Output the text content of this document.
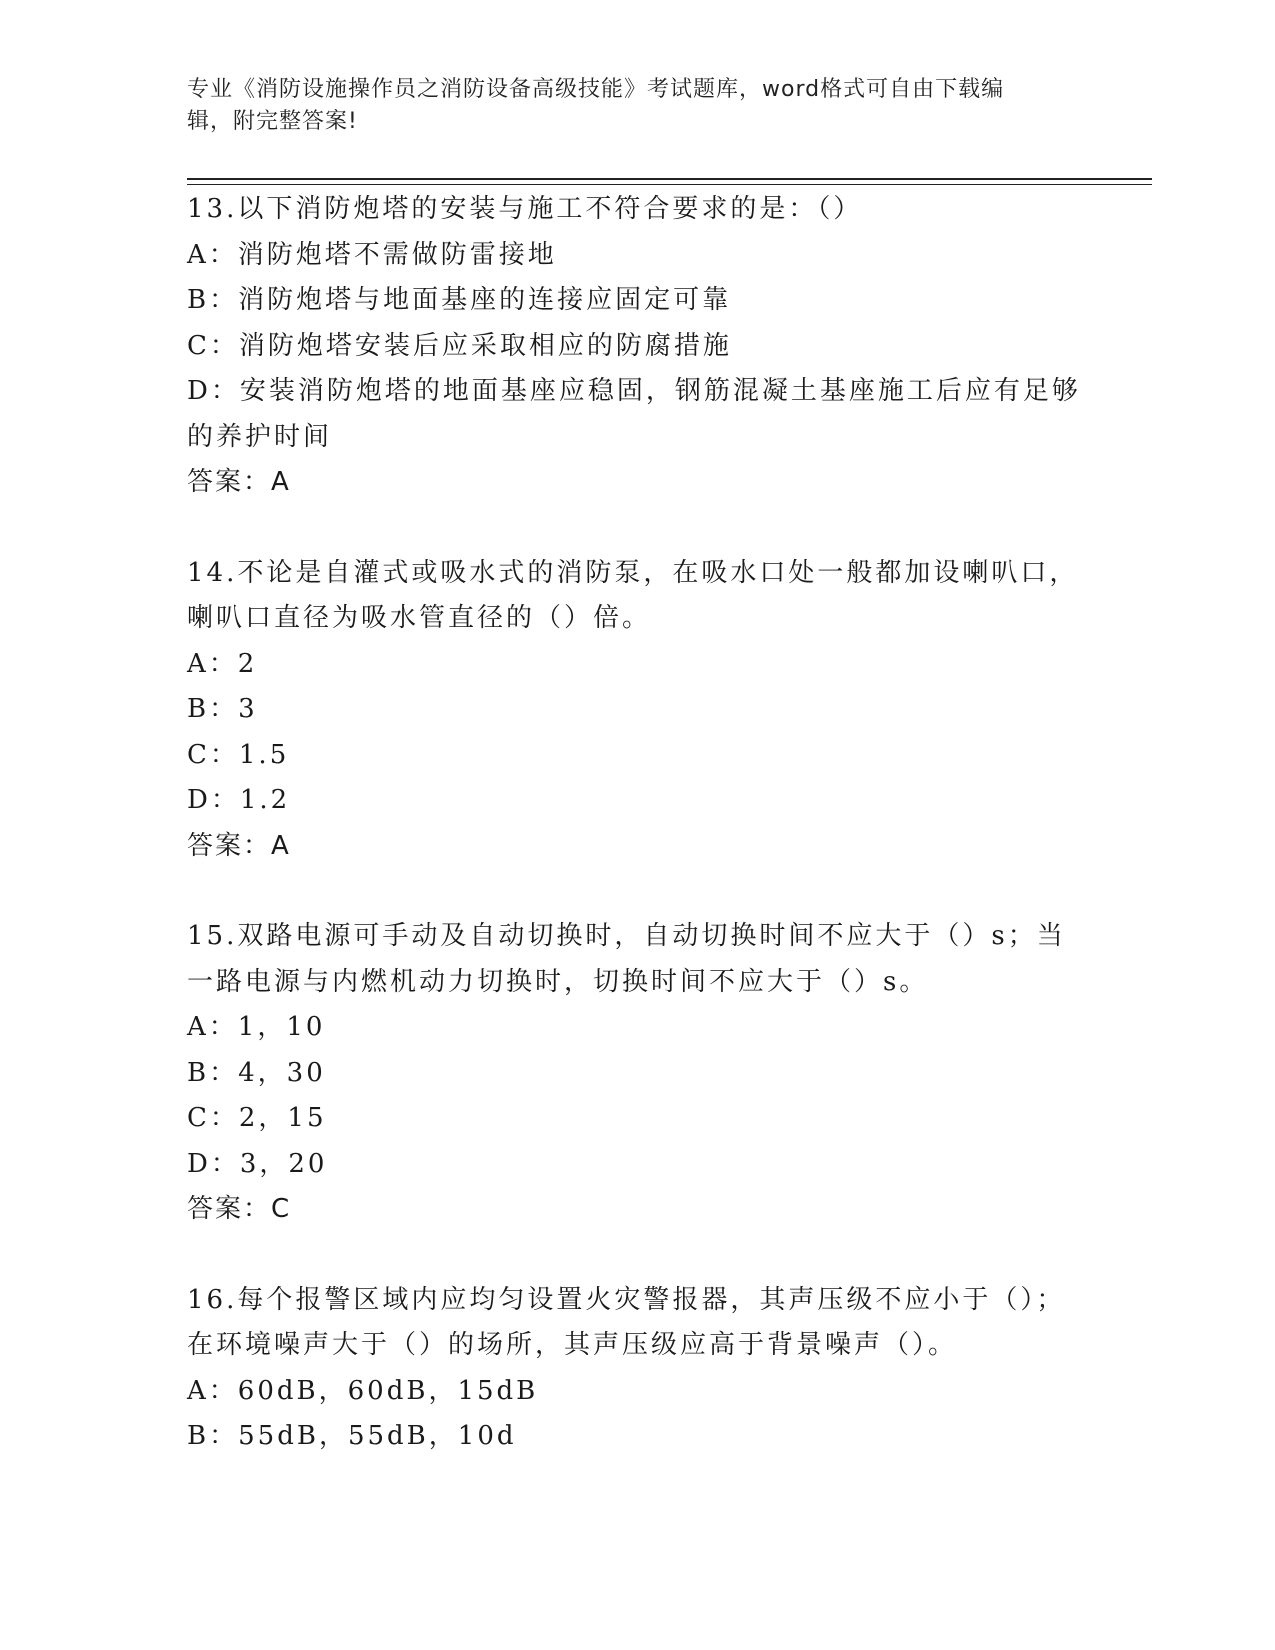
专业《消防设施操作员之消防设备高级技能》考试题库，word格式可自由下载编
辑，附完整答案!
13.以下消防炮塔的安装与施工不符合要求的是：（）
A：消防炮塔不需做防雷接地
B：消防炮塔与地面基座的连接应固定可靠
C：消防炮塔安装后应采取相应的防腐措施
D：安装消防炮塔的地面基座应稳固，钢筋混凝土基座施工后应有足够
的养护时间
答案：A
14.不论是自灌式或吸水式的消防泵，在吸水口处一般都加设喇叭口，
喇叭口直径为吸水管直径的（）倍。
A：2
B：3
C：1.5
D：1.2
答案：A
15.双路电源可手动及自动切换时，自动切换时间不应大于（）s；当
一路电源与内燃机动力切换时，切换时间不应大于（）s。
A：1，10
B：4，30
C：2，15
D：3，20
答案：C
16.每个报警区域内应均匀设置火灾警报器，其声压级不应小于（）；
在环境噪声大于（）的场所，其声压级应高于背景噪声（）。
A：60dB，60dB，15dB
B：55dB，55dB，10d
